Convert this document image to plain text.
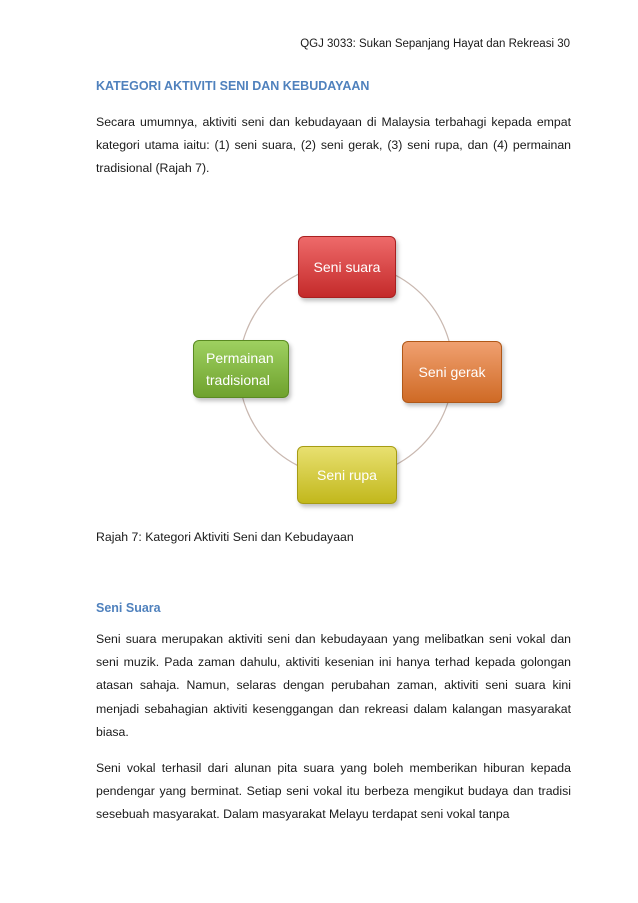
QGJ 3033: Sukan Sepanjang Hayat dan Rekreasi 30
KATEGORI AKTIVITI SENI DAN KEBUDAYAAN

Secara umumnya, aktiviti seni dan kebudayaan di Malaysia terbahagi kepada empat kategori utama iaitu: (1) seni suara, (2) seni gerak, (3) seni rupa, dan (4) permainan tradisional (Rajah 7).

Seni suara
Seni gerak
Seni rupa
Permainan
tradisional
Rajah 7: Kategori Aktiviti Seni dan Kebudayaan
Seni Suara

Seni suara merupakan aktiviti seni dan kebudayaan yang melibatkan seni vokal dan seni muzik. Pada zaman dahulu, aktiviti kesenian ini hanya terhad kepada golongan atasan sahaja. Namun, selaras dengan perubahan zaman, aktiviti seni suara kini menjadi sebahagian aktiviti kesenggangan dan rekreasi dalam kalangan masyarakat biasa.

Seni vokal terhasil dari alunan pita suara yang boleh memberikan hiburan kepada pendengar yang berminat. Setiap seni vokal itu berbeza mengikut budaya dan tradisi sesebuah masyarakat. Dalam masyarakat Melayu terdapat seni vokal tanpa
